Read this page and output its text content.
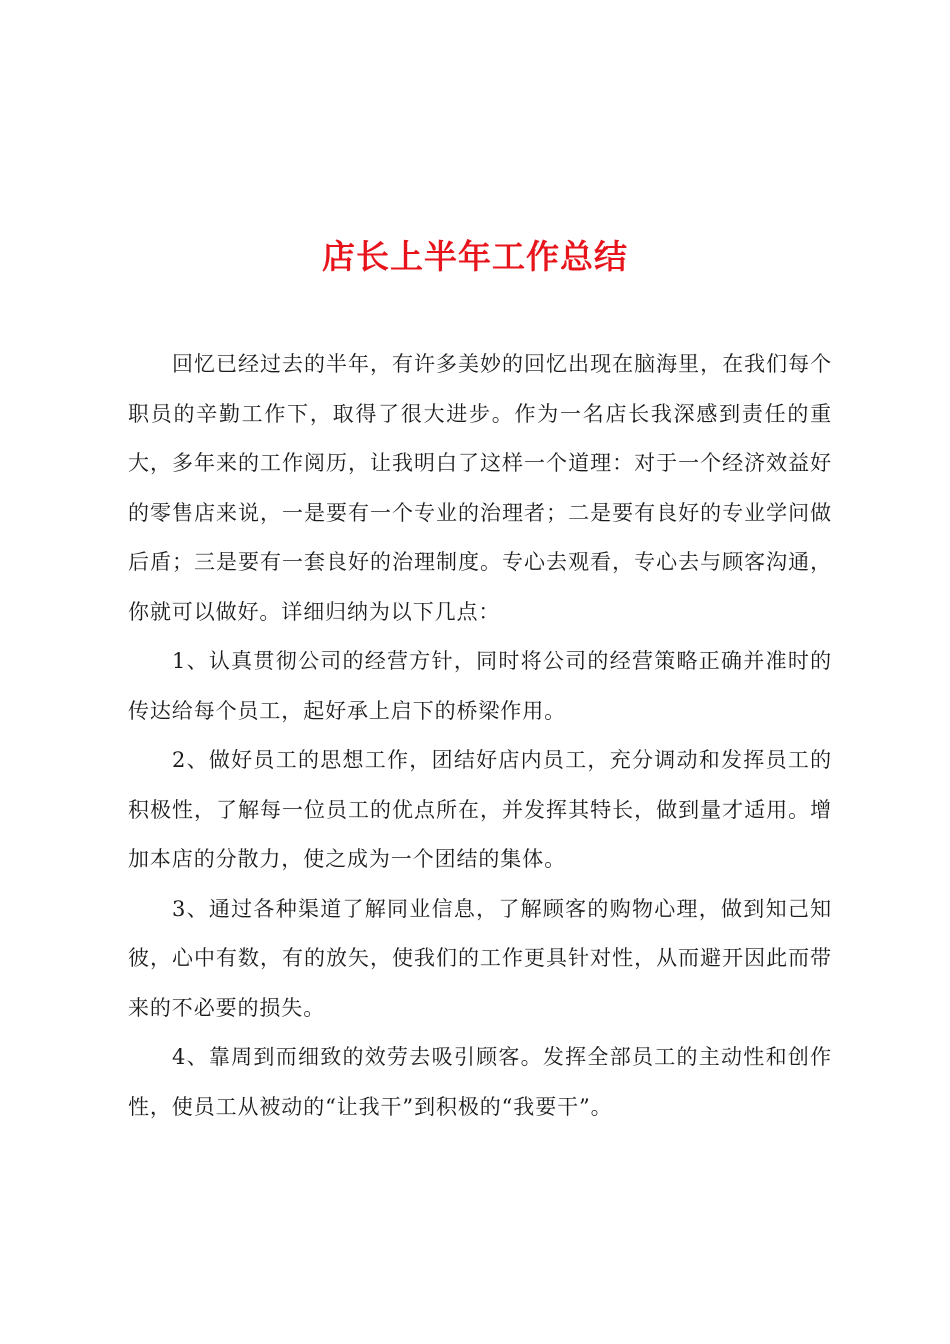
店长上半年工作总结

回忆已经过去的半年，有许多美妙的回忆出现在脑海里，在我们每个职员的辛勤工作下，取得了很大进步。作为一名店长我深感到责任的重大，多年来的工作阅历，让我明白了这样一个道理：对于一个经济效益好的零售店来说，一是要有一个专业的治理者；二是要有良好的专业学问做后盾；三是要有一套良好的治理制度。专心去观看，专心去与顾客沟通，你就可以做好。详细归纳为以下几点：

1、认真贯彻公司的经营方针，同时将公司的经营策略正确并准时的传达给每个员工，起好承上启下的桥梁作用。

2、做好员工的思想工作，团结好店内员工，充分调动和发挥员工的积极性，了解每一位员工的优点所在，并发挥其特长，做到量才适用。增加本店的分散力，使之成为一个团结的集体。

3、通过各种渠道了解同业信息，了解顾客的购物心理，做到知己知彼，心中有数，有的放矢，使我们的工作更具针对性，从而避开因此而带来的不必要的损失。

4、靠周到而细致的效劳去吸引顾客。发挥全部员工的主动性和创作性，使员工从被动的“让我干”到积极的“我要干”。
